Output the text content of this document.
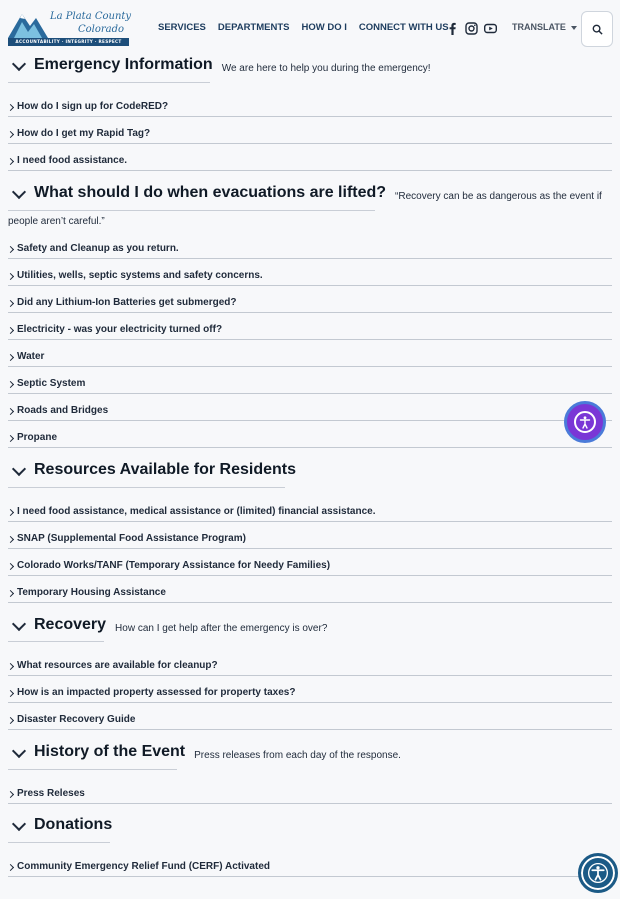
Emergency Information We are here to help you during the emergency!
How do I sign up for CodeRED?
How do I get my Rapid Tag?
I need food assistance.
What should I do when evacuations are lifted? “Recovery can be as dangerous as the event if
people aren’t careful.”
Safety and Cleanup as you return.
Utilities, wells, septic systems and safety concerns.
Did any Lithium-Ion Batteries get submerged?
Electricity - was your electricity turned off?
Water
Septic System
Roads and Bridges
Propane
Resources Available for Residents
I need food assistance, medical assistance or (limited) financial assistance.
SNAP (Supplemental Food Assistance Program)
Colorado Works/TANF (Temporary Assistance for Needy Families)
Temporary Housing Assistance
Recovery How can I get help after the emergency is over?
What resources are available for cleanup?
How is an impacted property assessed for property taxes?
Disaster Recovery Guide
History of the Event Press releases from each day of the response.
Press Releses
Donations
Community Emergency Relief Fund (CERF) Activated
La Plata County
Colorado
ACCOUNTABILITY · INTEGRITY · RESPECT
SERVICES DEPARTMENTS HOW DO I CONNECT WITH US	TRANSLATE
